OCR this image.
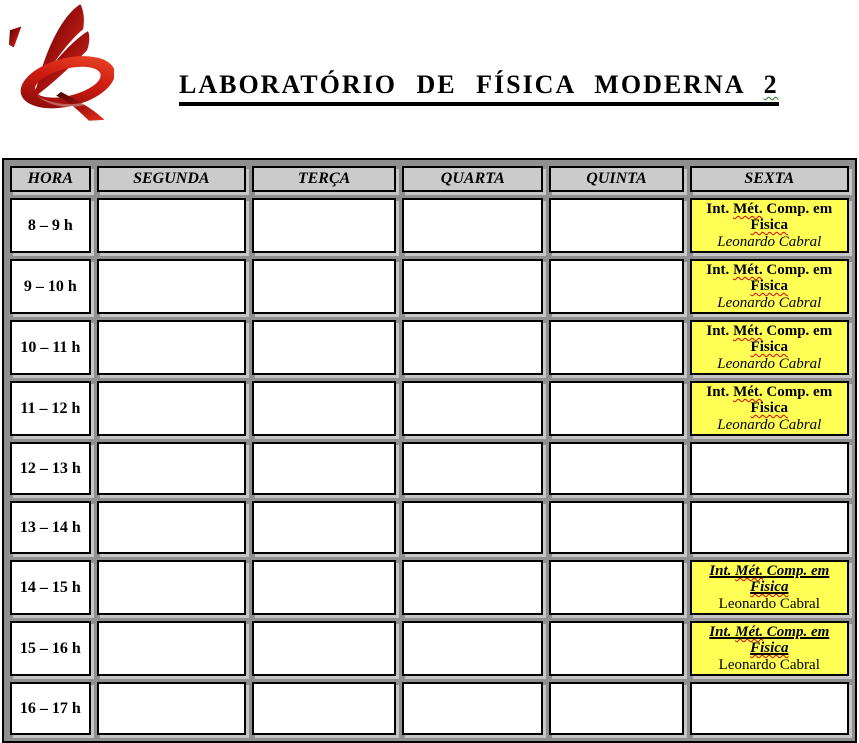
LABORATÓRIO DE FÍSICA MODERNA 2
HORA	SEGUNDA	TERÇA	QUARTA	QUINTA	SEXTA
8 – 9 h					Int. Mét. Comp. em Fisica
Leonardo Cabral
9 – 10 h					Int. Mét. Comp. em Fisica
Leonardo Cabral
10 – 11 h					Int. Mét. Comp. em Fisica
Leonardo Cabral
11 – 12 h					Int. Mét. Comp. em Fisica
Leonardo Cabral
12 – 13 h					
13 – 14 h					
14 – 15 h					Int. Mét. Comp. em Fisica
Leonardo Cabral
15 – 16 h					Int. Mét. Comp. em Fisica
Leonardo Cabral
16 – 17 h					
